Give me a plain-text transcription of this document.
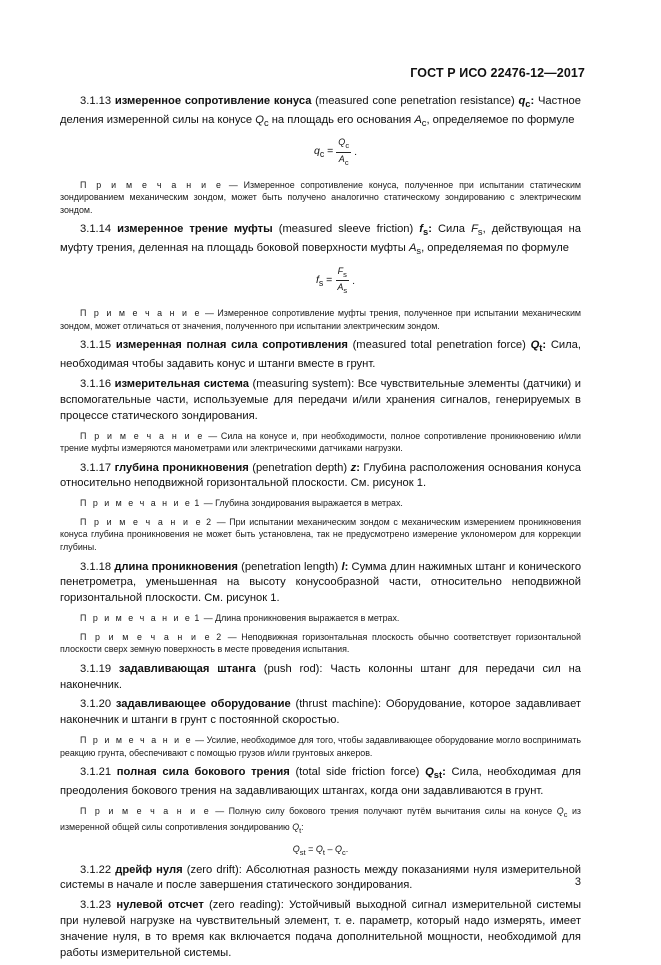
ГОСТ Р ИСО 22476-12—2017

3.1.13 измеренное сопротивление конуса (measured cone penetration resistance) $q_c$: Частное деления измеренной силы на конусе $Q_c$ на площадь его основания $A_c$, определяемое по формуле

$q_c = \frac{Q_c}{A_c}$ .

П р и м е ч а н и е — Измеренное сопротивление конуса, полученное при испытании статическим зондированием механическим зондом, может быть получено аналогично статическому зондированию с электрическим зондом.

3.1.14 измеренное трение муфты (measured sleeve friction) $f_s$: Сила $F_s$, действующая на муфту трения, деленная на площадь боковой поверхности муфты $A_s$, определяемая по формуле

$f_s = \frac{F_s}{A_s}$ .

П р и м е ч а н и е — Измеренное сопротивление муфты трения, полученное при испытании механическим зондом, может отличаться от значения, полученного при испытании электрическим зондом.

3.1.15 измеренная полная сила сопротивления (measured total penetration force) $Q_t$: Сила, необходимая чтобы задавить конус и штанги вместе в грунт.

3.1.16 измерительная система (measuring system): Все чувствительные элементы (датчики) и вспомогательные части, используемые для передачи и/или хранения сигналов, генерируемых в процессе статического зондирования.

П р и м е ч а н и е — Сила на конусе и, при необходимости, полное сопротивление проникновению и/или трение муфты измеряются манометрами или электрическими датчиками нагрузки.

3.1.17 глубина проникновения (penetration depth) z: Глубина расположения основания конуса относительно неподвижной горизонтальной плоскости. См. рисунок 1.

П р и м е ч а н и е 1 — Глубина зондирования выражается в метрах.

П р и м е ч а н и е 2 — При испытании механическим зондом с механическим измерением проникновения конуса глубина проникновения не может быть установлена, так не предусмотрено измерение уклономером для коррекции глубины.

3.1.18 длина проникновения (penetration length) l: Сумма длин нажимных штанг и конического пенетрометра, уменьшенная на высоту конусообразной части, относительно неподвижной горизонтальной плоскости. См. рисунок 1.

П р и м е ч а н и е 1 — Длина проникновения выражается в метрах.

П р и м е ч а н и е 2 — Неподвижная горизонтальная плоскость обычно соответствует горизонтальной плоскости сверх земную поверхность в месте проведения испытания.

3.1.19 задавливающая штанга (push rod): Часть колонны штанг для передачи сил на наконечник.

3.1.20 задавливающее оборудование (thrust machine): Оборудование, которое задавливает наконечник и штанги в грунт с постоянной скоростью.

П р и м е ч а н и е — Усилие, необходимое для того, чтобы задавливающее оборудование могло воспринимать реакцию грунта, обеспечивают с помощью грузов и/или грунтовых анкеров.

3.1.21 полная сила бокового трения (total side friction force) $Q_{st}$: Сила, необходимая для преодоления бокового трения на задавливающих штангах, когда они задавливаются в грунт.

П р и м е ч а н и е — Полную силу бокового трения получают путём вычитания силы на конусе $Q_c$ из измеренной общей силы сопротивления зондированию $Q_t$:

$Q_{st} = Q_t - Q_c$.

3.1.22 дрейф нуля (zero drift): Абсолютная разность между показаниями нуля измерительной системы в начале и после завершения статического зондирования.

3.1.23 нулевой отсчет (zero reading): Устойчивый выходной сигнал измерительной системы при нулевой нагрузке на чувствительный элемент, т. е. параметр, который надо измерять, имеет значение нуля, в то время как включается подача дополнительной мощности, необходимой для работы измерительной системы.

3
